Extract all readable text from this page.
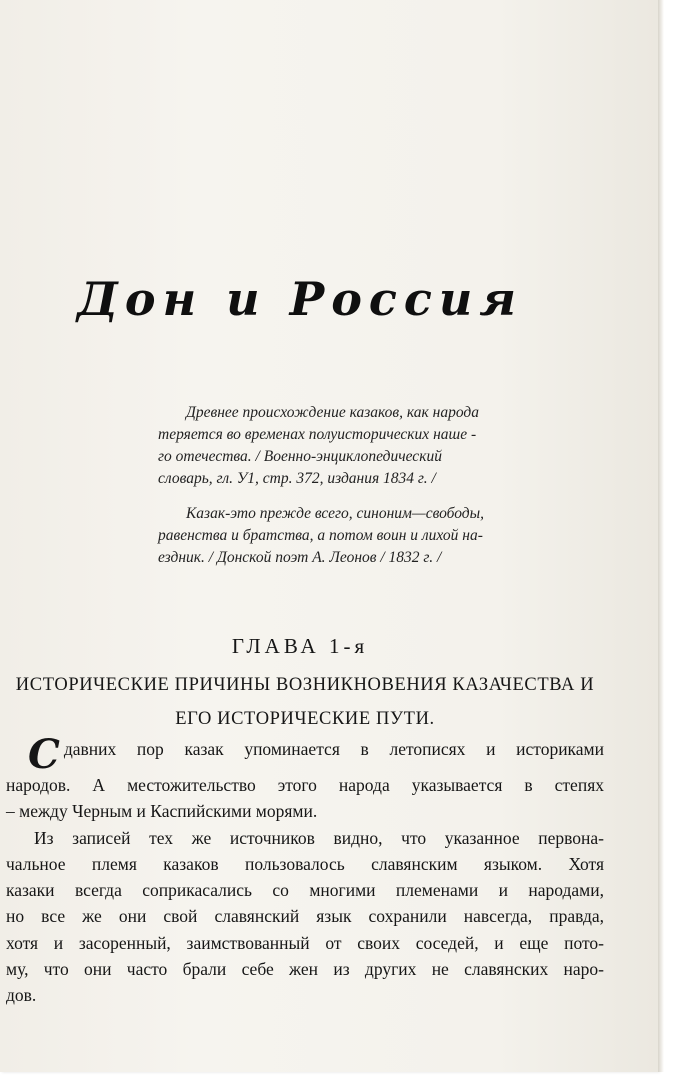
Дон и Россия
Древнее происхождение казаков, как народа
теряется во временах полуисторических наше -
го отечества. / Военно-энциклопедический
словарь, гл. У1, стр. 372, издания 1834 г. /
Казак-это прежде всего, синоним—свободы,
равенства и братства, а потом воин и лихой на-
ездник. / Донской поэт А. Леонов / 1832 г. /
ГЛАВА 1-я
ИСТОРИЧЕСКИЕ ПРИЧИНЫ ВОЗНИКНОВЕНИЯ КАЗАЧЕСТВА И
ЕГО ИСТОРИЧЕСКИЕ ПУТИ.
С давних пор казак упоминается в летописях и историками
народов. А местожительство этого народа указывается в степях
– между Черным и Каспийскими морями.
Из записей тех же источников видно, что указанное первона-
чальное племя казаков пользовалось славянским языком. Хотя
казаки всегда соприкасались со многими племенами и народами,
но все же они свой славянский язык сохранили навсегда, правда,
хотя и засоренный, заимствованный от своих соседей, и еще пото-
му, что они часто брали себе жен из других не славянских наро-
дов.
